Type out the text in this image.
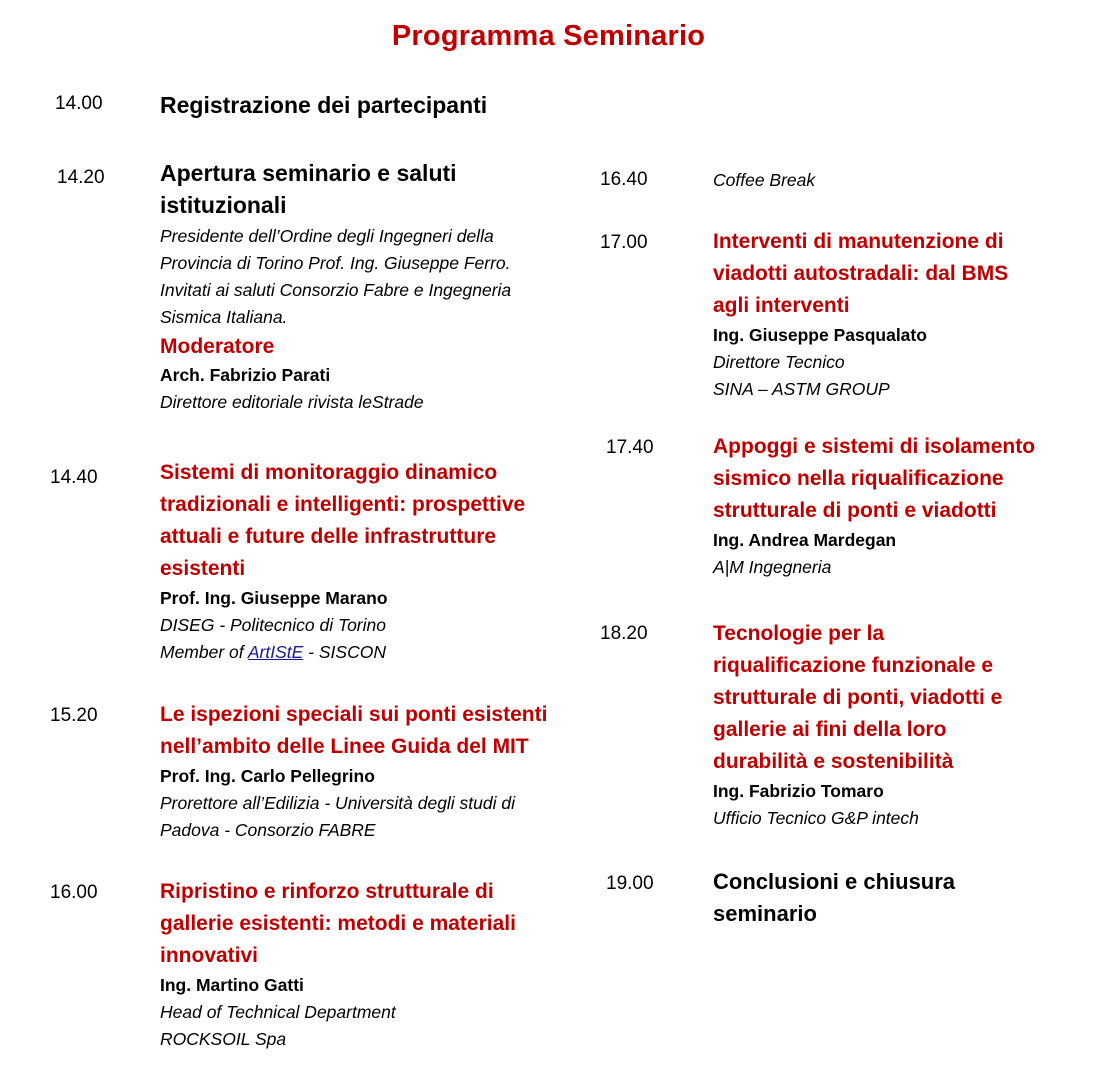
Programma Seminario
14.00 Registrazione dei partecipanti
14.20 Apertura seminario e saluti
istituzionali
Presidente dell’Ordine degli Ingegneri della
Provincia di Torino Prof. Ing. Giuseppe Ferro.
Invitati ai saluti Consorzio Fabre e Ingegneria
Sismica Italiana.
Moderatore
Arch. Fabrizio Parati
Direttore editoriale rivista leStrade
14.40	Sistemi di monitoraggio dinamico
tradizionali e intelligenti: prospettive
attuali e future delle infrastrutture
esistenti
Prof. Ing. Giuseppe Marano
DISEG - Politecnico di Torino
Member of ArtIStE - SISCON
15.20	Le ispezioni speciali sui ponti esistenti
nell’ambito delle Linee Guida del MIT
Prof. Ing. Carlo Pellegrino
Prorettore all’Edilizia - Università degli studi di
Padova - Consorzio FABRE
16.00	Ripristino e rinforzo strutturale di
gallerie esistenti: metodi e materiali
innovativi
Ing. Martino Gatti
Head of Technical Department
ROCKSOIL Spa
16.40	Coffee Break
17.00	Interventi di manutenzione di
viadotti autostradali: dal BMS
agli interventi
Ing. Giuseppe Pasqualato
Direttore Tecnico
SINA – ASTM GROUP
17.40	Appoggi e sistemi di isolamento
sismico nella riqualificazione
strutturale di ponti e viadotti
Ing. Andrea Mardegan
A|M Ingegneria
18.20	Tecnologie per la
riqualificazione funzionale e
strutturale di ponti, viadotti e
gallerie ai fini della loro
durabilità e sostenibilità
Ing. Fabrizio Tomaro
Ufficio Tecnico G&P intech
19.00	Conclusioni e chiusura
seminario
